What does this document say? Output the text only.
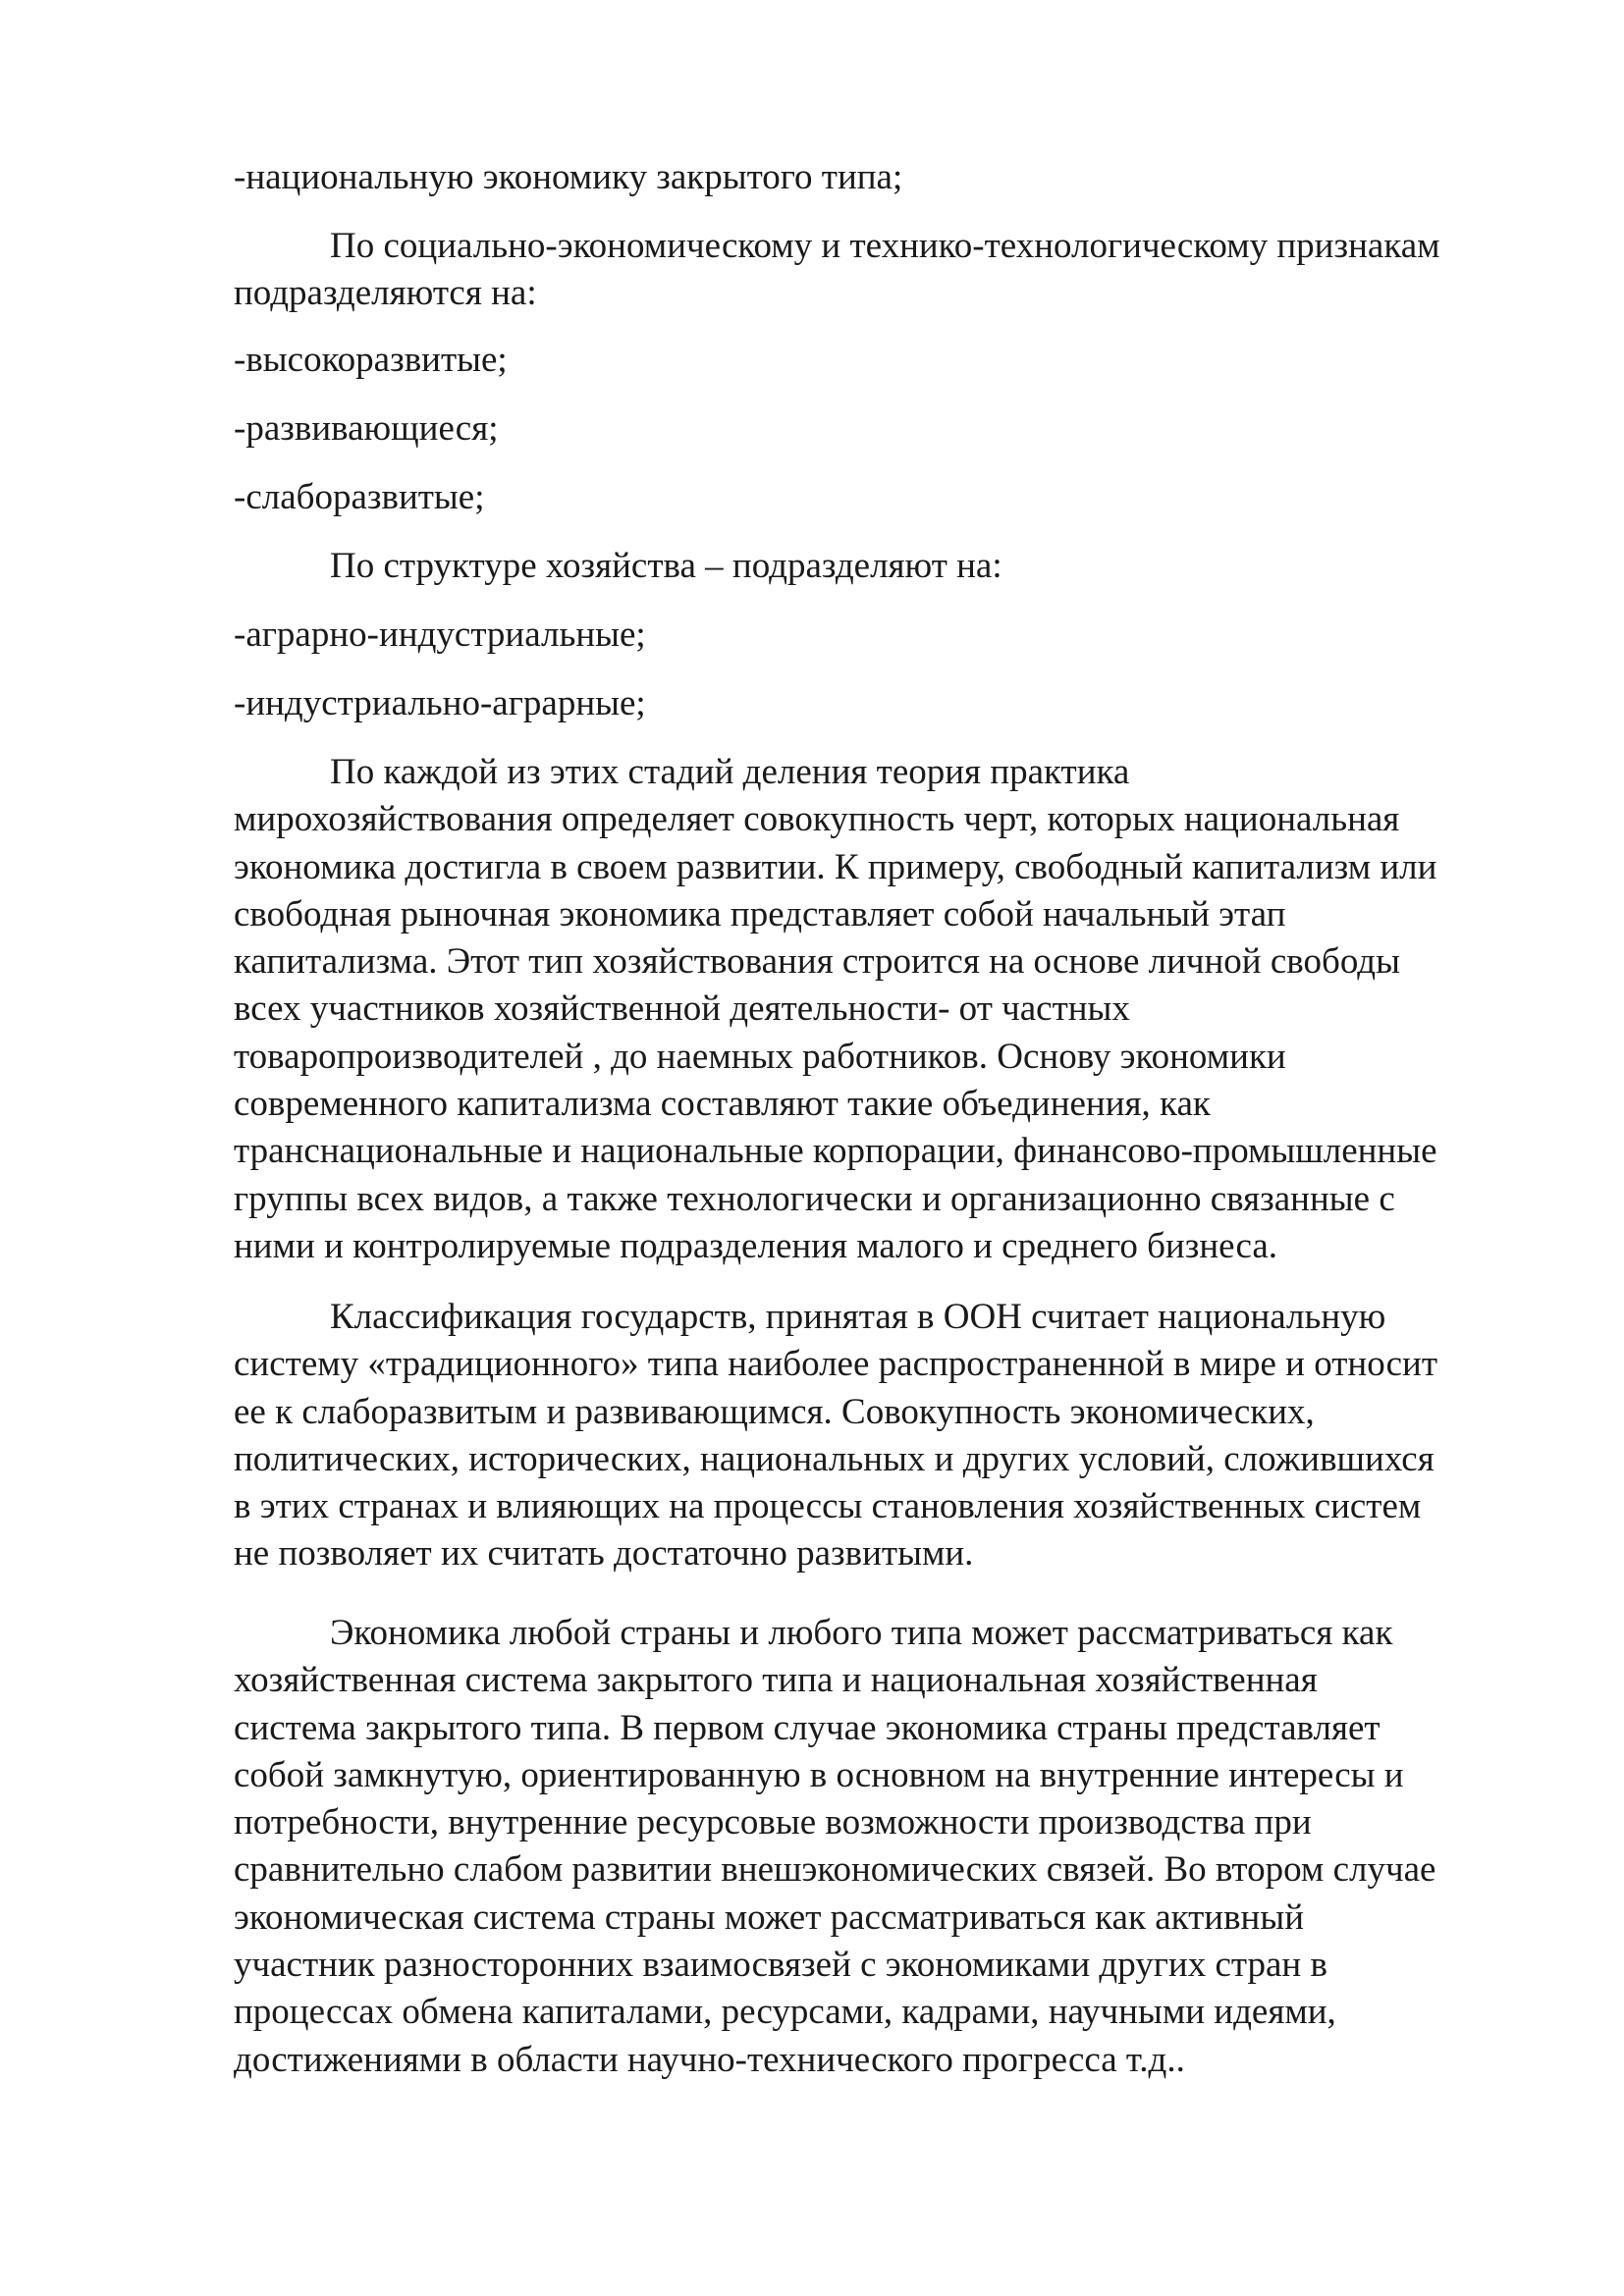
-национальную экономику закрытого типа;
По социально-экономическому и технико-технологическому признакам
подразделяются на:
-высокоразвитые;
-развивающиеся;
-слаборазвитые;
По структуре хозяйства – подразделяют на:
-аграрно-индустриальные;
-индустриально-аграрные;
По каждой из этих стадий деления теория практика
мирохозяйствования определяет совокупность черт, которых национальная
экономика достигла в своем развитии. К примеру, свободный капитализм или
свободная рыночная экономика представляет собой начальный этап
капитализма. Этот тип хозяйствования строится на основе личной свободы
всех участников хозяйственной деятельности- от частных
товаропроизводителей , до наемных работников. Основу экономики
современного капитализма составляют такие объединения, как
транснациональные и национальные корпорации, финансово-промышленные
группы всех видов, а также технологически и организационно связанные с
ними и контролируемые подразделения малого и среднего бизнеса.
Классификация государств, принятая в ООН считает национальную
систему «традиционного» типа наиболее распространенной в мире и относит
ее к слаборазвитым и развивающимся. Совокупность экономических,
политических, исторических, национальных и других условий, сложившихся
в этих странах и влияющих на процессы становления хозяйственных систем
не позволяет их считать достаточно развитыми.
Экономика любой страны и любого типа может рассматриваться как
хозяйственная система закрытого типа и национальная хозяйственная
система закрытого типа. В первом случае экономика страны представляет
собой замкнутую, ориентированную в основном на внутренние интересы и
потребности, внутренние ресурсовые возможности производства при
сравнительно слабом развитии внешэкономических связей. Во втором случае
экономическая система страны может рассматриваться как активный
участник разносторонних взаимосвязей с экономиками других стран в
процессах обмена капиталами, ресурсами, кадрами, научными идеями,
достижениями в области научно-технического прогресса т.д..
